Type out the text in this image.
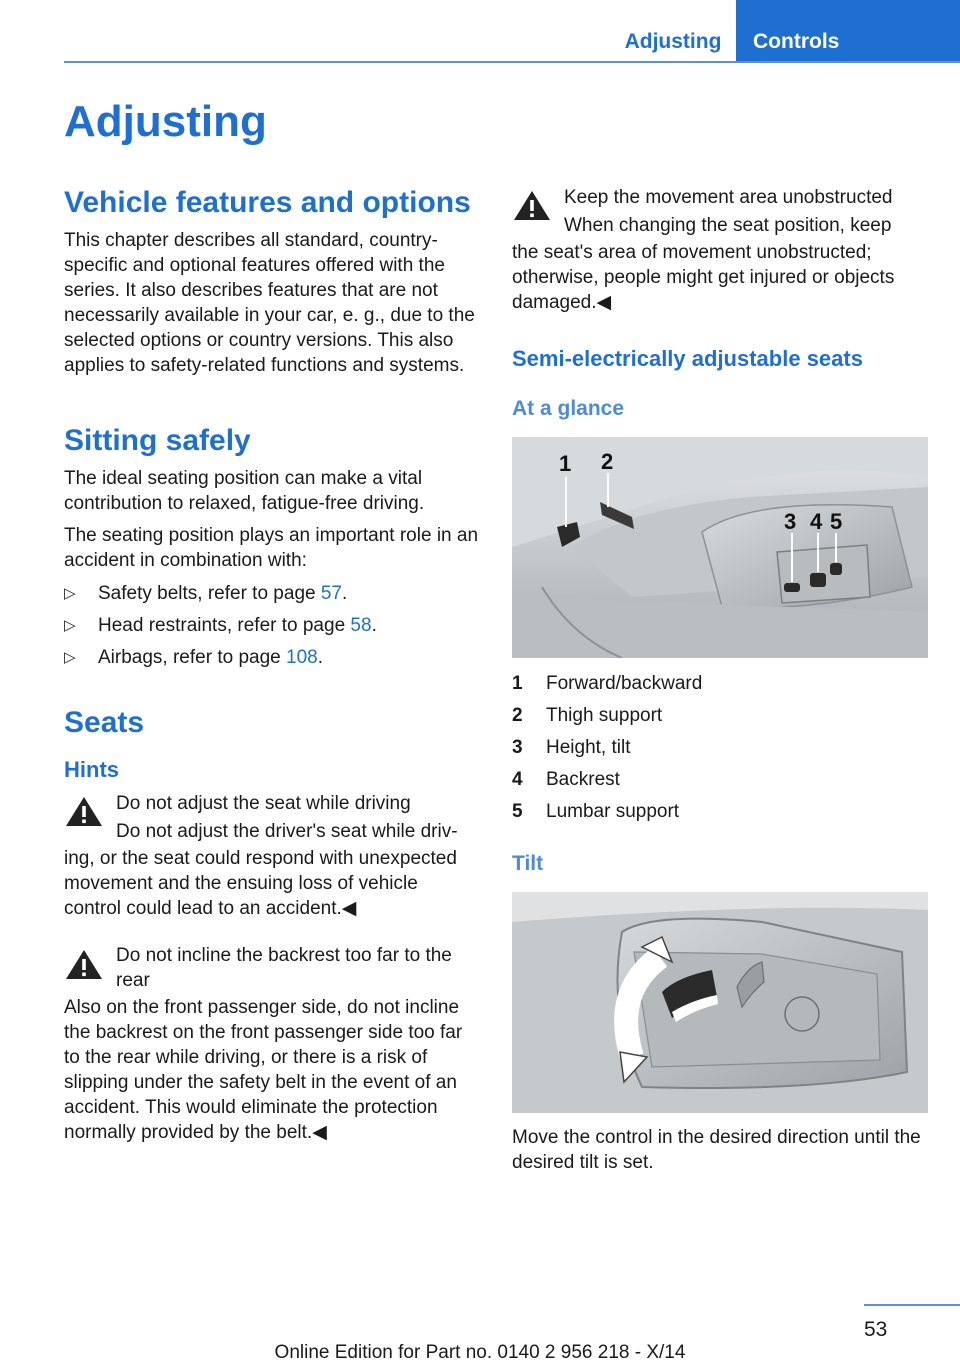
Adjusting	Controls
Adjusting
Vehicle features and options

This chapter describes all standard, country-specific and optional features offered with the series. It also describes features that are not necessarily available in your car, e. g., due to the selected options or country versions. This also applies to safety-related functions and systems.

Sitting safely

The ideal seating position can make a vital contribution to relaxed, fatigue-free driving.

The seating position plays an important role in an accident in combination with:

▷ Safety belts, refer to page 57.
▷ Head restraints, refer to page 58.
▷ Airbags, refer to page 108.
Seats
Hints
Do not adjust the seat while driving
Do not adjust the driver's seat while driv‐
ing, or the seat could respond with unexpected movement and the ensuing loss of vehicle control could lead to an accident.◀
Do not incline the backrest too far to the rear
Also on the front passenger side, do not incline the backrest on the front passenger side too far to the rear while driving, or there is a risk of slipping under the safety belt in the event of an accident. This would eliminate the protection normally provided by the belt.◀
Keep the movement area unobstructed
When changing the seat position, keep
the seat's area of movement unobstructed; otherwise, people might get injured or objects damaged.◀
Semi-electrically adjustable seats
At a glance
1 2
3 4 5
1	Forward/backward
2	Thigh support
3	Height, tilt
4	Backrest
5	Lumbar support
Tilt

Move the control in the desired direction until the desired tilt is set.

53
Online Edition for Part no. 0140 2 956 218 - X/14
